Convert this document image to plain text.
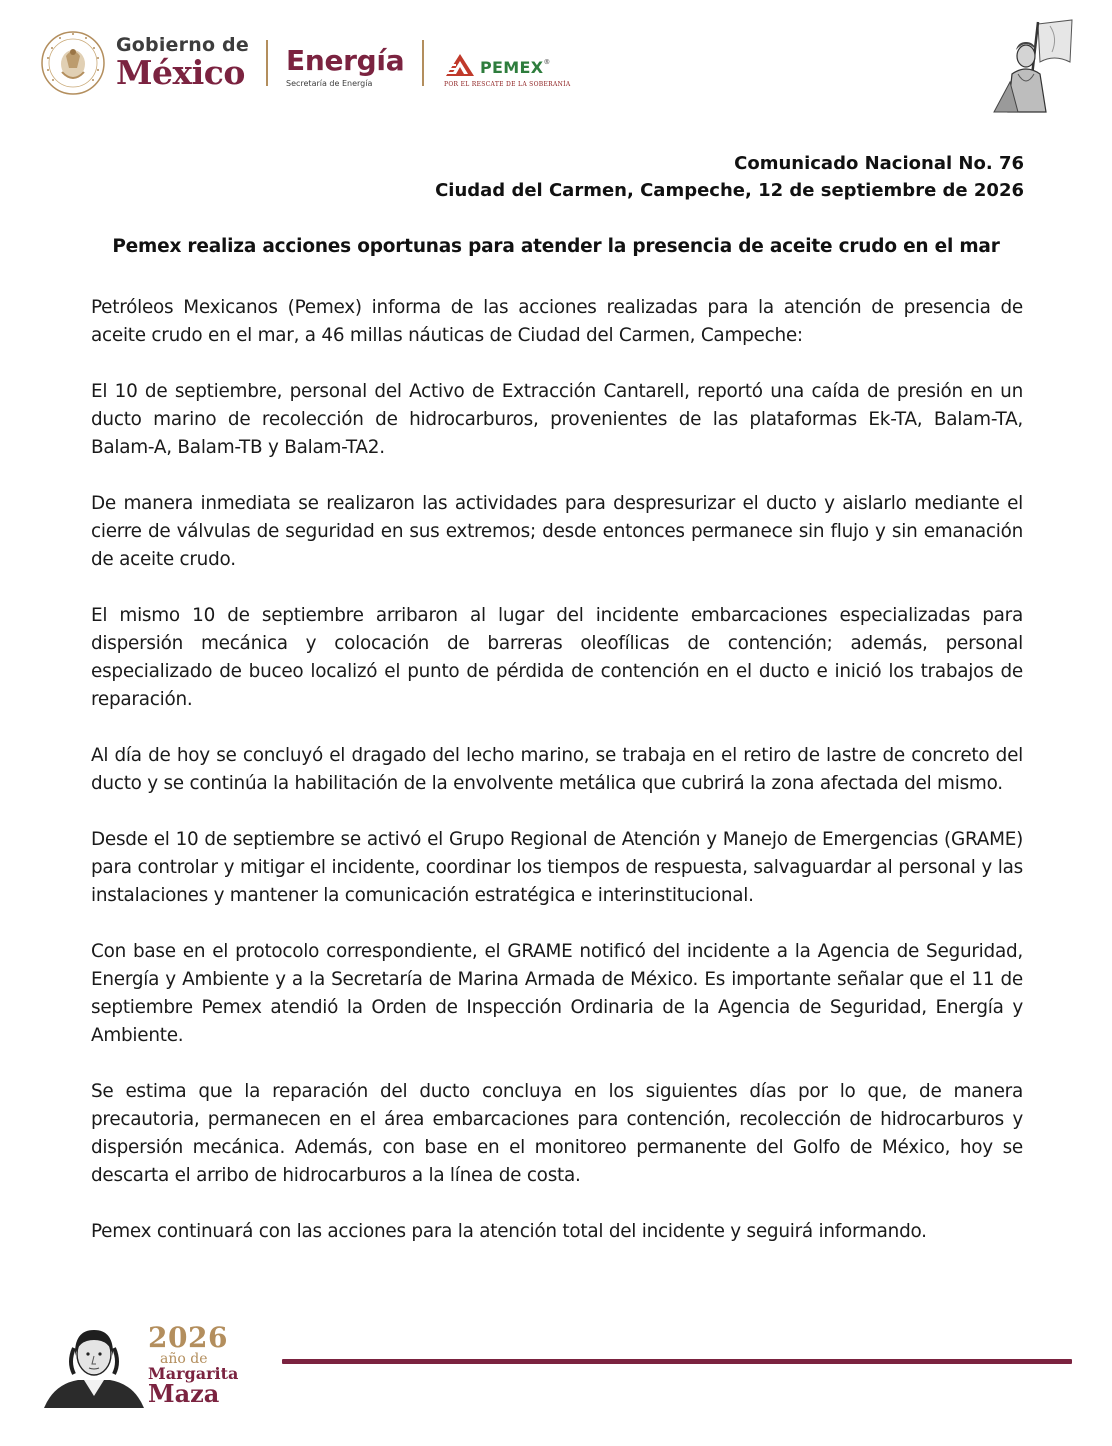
Gobierno de
México Energía
Secretaría de Energía
PEMEX®
POR EL RESCATE DE LA SOBERANÍA

Comunicado Nacional No. 76

Ciudad del Carmen, Campeche, 12 de septiembre de 2026

Pemex realiza acciones oportunas para atender la presencia de aceite crudo en el mar

Petróleos Mexicanos (Pemex) informa de las acciones realizadas para la atención de presencia de aceite crudo en el mar, a 46 millas náuticas de Ciudad del Carmen, Campeche:

El 10 de septiembre, personal del Activo de Extracción Cantarell, reportó una caída de presión en un ducto marino de recolección de hidrocarburos, provenientes de las plataformas Ek-TA, Balam-TA, Balam-A, Balam-TB y Balam-TA2.

De manera inmediata se realizaron las actividades para despresurizar el ducto y aislarlo mediante el cierre de válvulas de seguridad en sus extremos; desde entonces permanece sin flujo y sin emanación de aceite crudo.

El mismo 10 de septiembre arribaron al lugar del incidente embarcaciones especializadas para dispersión mecánica y colocación de barreras oleofílicas de contención; además, personal especializado de buceo localizó el punto de pérdida de contención en el ducto e inició los trabajos de reparación.

Al día de hoy se concluyó el dragado del lecho marino, se trabaja en el retiro de lastre de concreto del ducto y se continúa la habilitación de la envolvente metálica que cubrirá la zona afectada del mismo.

Desde el 10 de septiembre se activó el Grupo Regional de Atención y Manejo de Emergencias (GRAME) para controlar y mitigar el incidente, coordinar los tiempos de respuesta, salvaguardar al personal y las instalaciones y mantener la comunicación estratégica e interinstitucional.

Con base en el protocolo correspondiente, el GRAME notificó del incidente a la Agencia de Seguridad, Energía y Ambiente y a la Secretaría de Marina Armada de México. Es importante señalar que el 11 de septiembre Pemex atendió la Orden de Inspección Ordinaria de la Agencia de Seguridad, Energía y Ambiente.

Se estima que la reparación del ducto concluya en los siguientes días por lo que, de manera precautoria, permanecen en el área embarcaciones para contención, recolección de hidrocarburos y dispersión mecánica. Además, con base en el monitoreo permanente del Golfo de México, hoy se descarta el arribo de hidrocarburos a la línea de costa.

Pemex continuará con las acciones para la atención total del incidente y seguirá informando.

2026
año de
Margarita
Maza
